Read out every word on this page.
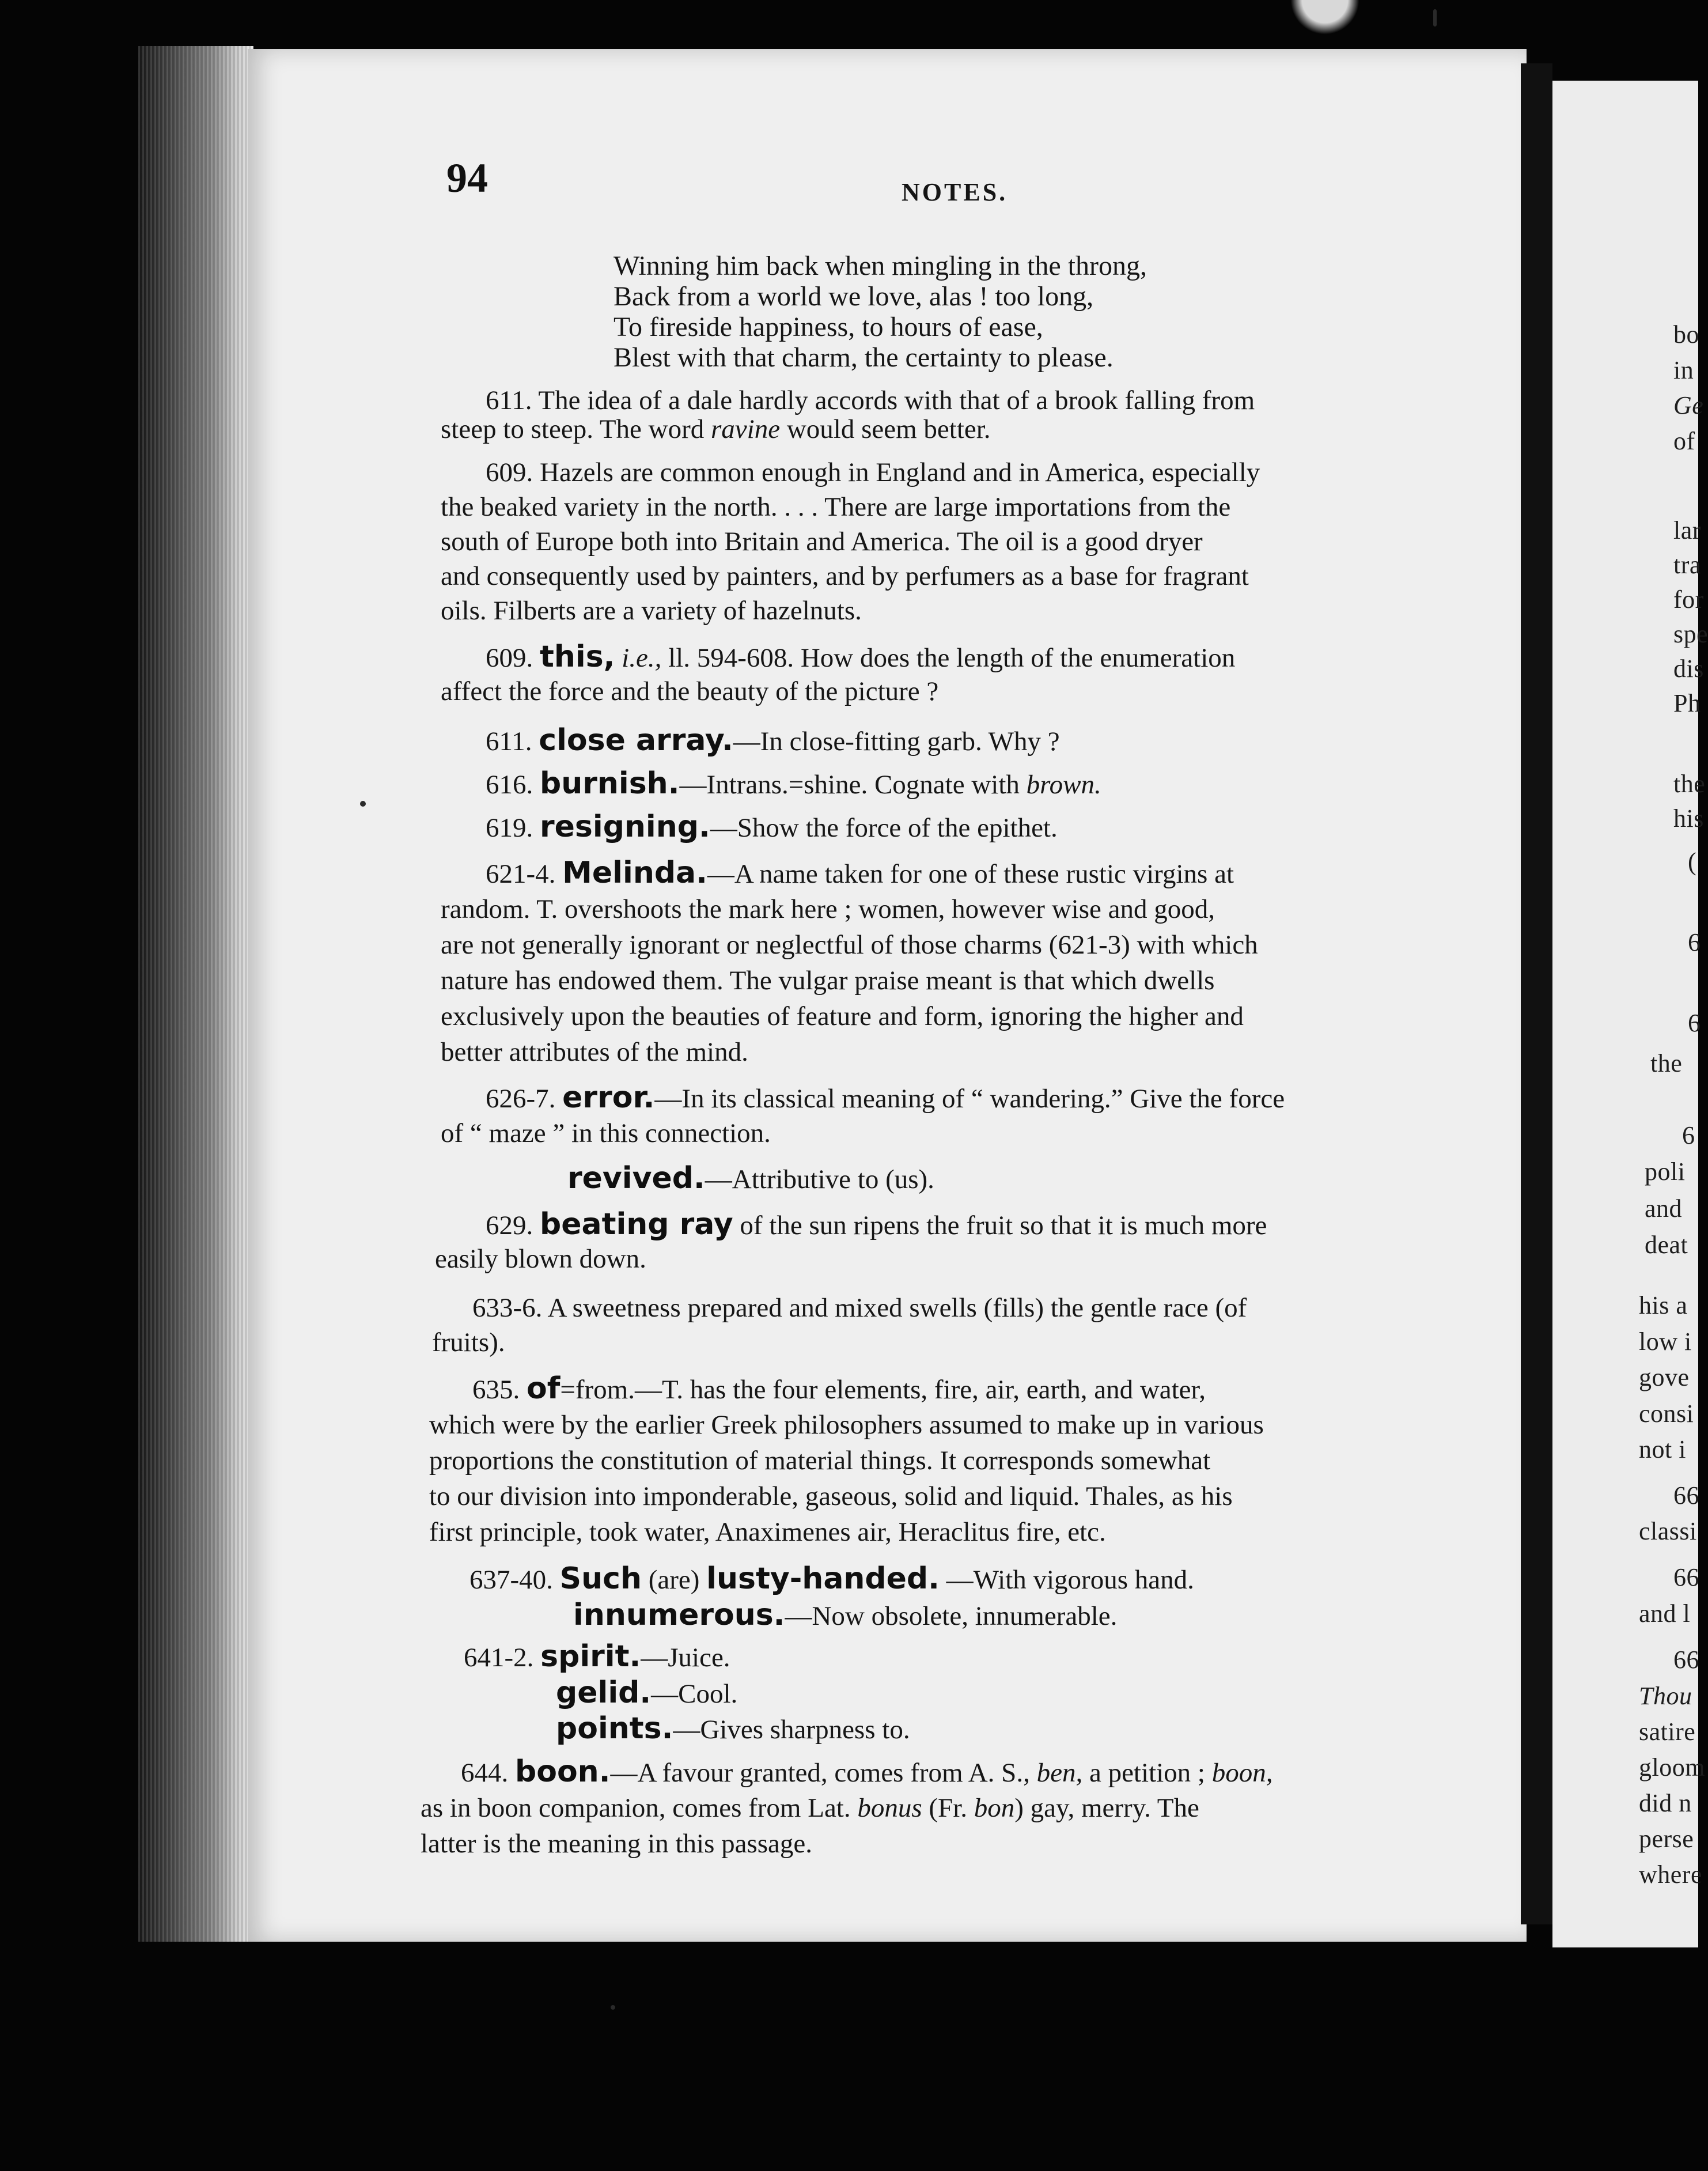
bo
in
Ge
of
lar
tra
for
spe
dis
Ph
the
his
(
6
6
the
6
poli
and
deat
his a
low i
gove
consi
not i
66
classi
66
and l
66
Thou
satire
gloom
did n
perse
where
94	NOTES.
Winning him back when mingling in the throng,
Back from a world we love, alas ! too long,
To fireside happiness, to hours of ease,
Blest with that charm, the certainty to please.
611. The idea of a dale hardly accords with that of a brook falling from
steep to steep. The word ravine would seem better.
609. Hazels are common enough in England and in America, especially
the beaked variety in the north. . . . There are large importations from the
south of Europe both into Britain and America. The oil is a good dryer
and consequently used by painters, and by perfumers as a base for fragrant
oils. Filberts are a variety of hazelnuts.
609. this, i.e., ll. 594-608. How does the length of the enumeration
affect the force and the beauty of the picture ?
611. close array.—In close-fitting garb. Why ?
616. burnish.—Intrans.=shine. Cognate with brown.
619. resigning.—Show the force of the epithet.
621-4. Melinda.—A name taken for one of these rustic virgins at
random. T. overshoots the mark here ; women, however wise and good,
are not generally ignorant or neglectful of those charms (621-3) with which
nature has endowed them. The vulgar praise meant is that which dwells
exclusively upon the beauties of feature and form, ignoring the higher and
better attributes of the mind.
626-7. error.—In its classical meaning of “ wandering.” Give the force
of “ maze ” in this connection.
revived.—Attributive to (us).
629. beating ray of the sun ripens the fruit so that it is much more
easily blown down.
633-6. A sweetness prepared and mixed swells (fills) the gentle race (of
fruits).
635. of=from.—T. has the four elements, fire, air, earth, and water,
which were by the earlier Greek philosophers assumed to make up in various
proportions the constitution of material things. It corresponds somewhat
to our division into imponderable, gaseous, solid and liquid. Thales, as his
first principle, took water, Anaximenes air, Heraclitus fire, etc.
637-40. Such (are) lusty-handed. —With vigorous hand.
innumerous.—Now obsolete, innumerable.
641-2. spirit.—Juice.
gelid.—Cool.
points.—Gives sharpness to.
644. boon.—A favour granted, comes from A. S., ben, a petition ; boon,
as in boon companion, comes from Lat. bonus (Fr. bon) gay, merry. The
latter is the meaning in this passage.
